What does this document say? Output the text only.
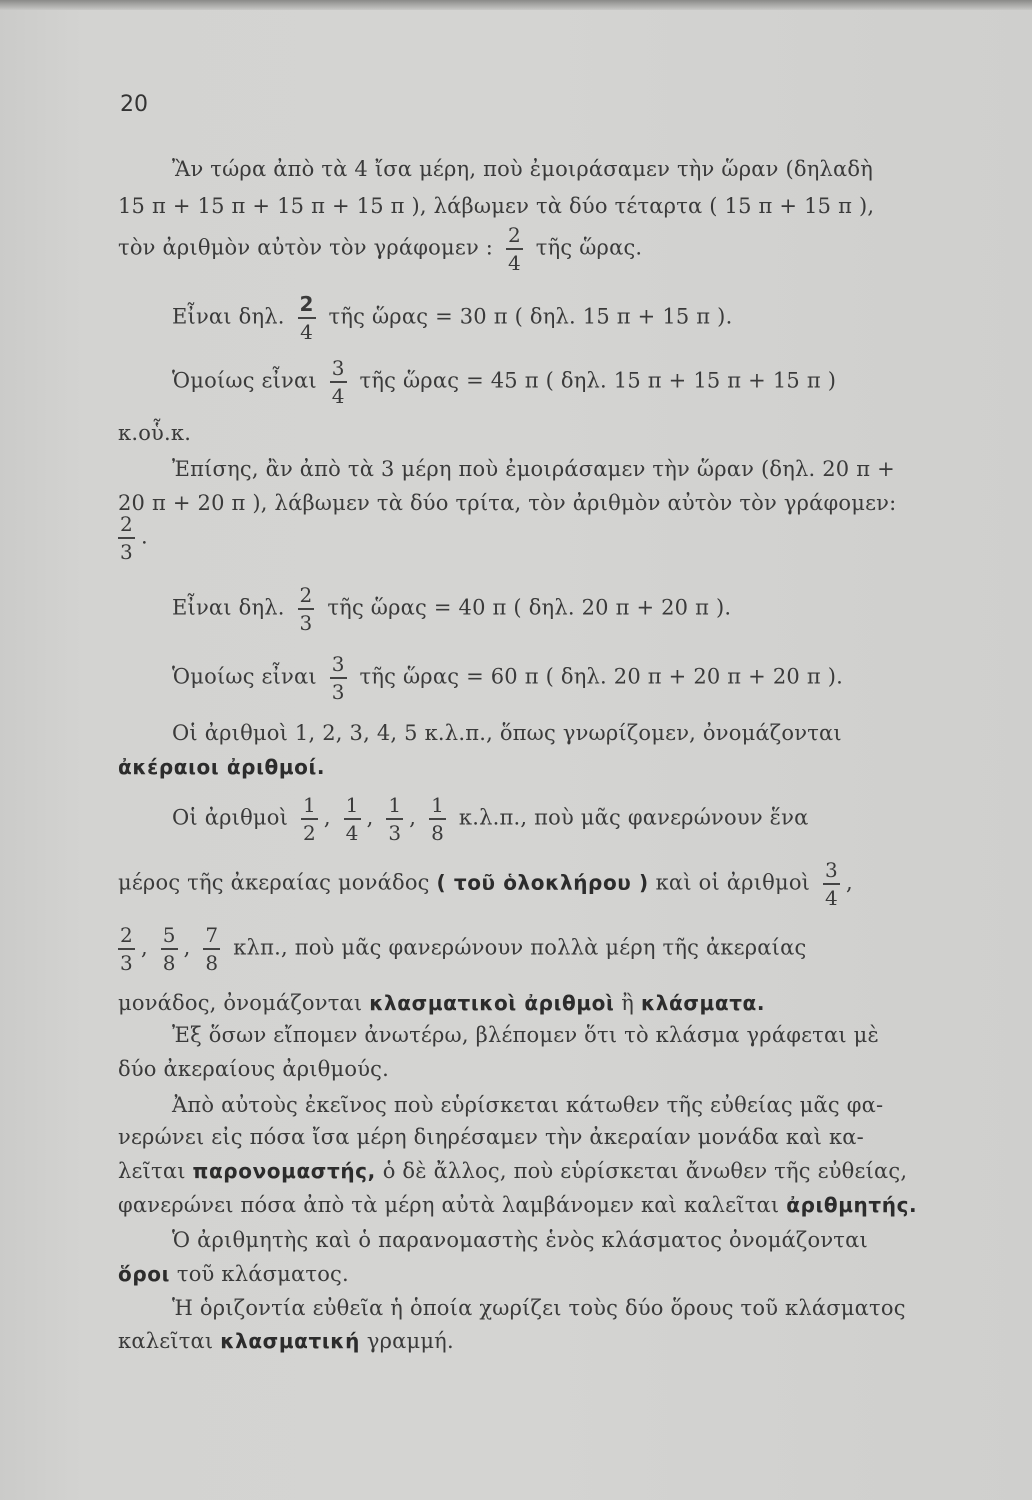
20
Ἂν τώρα ἀπὸ τὰ 4 ἴσα μέρη, ποὺ ἐμοιράσαμεν τὴν ὥραν (δηλαδὴ
15 π + 15 π + 15 π + 15 π ), λάβωμεν τὰ δύο τέταρτα ( 15 π + 15 π ),
τὸν ἀριθμὸν αὐτὸν τὸν γράφομεν : $\frac{2}{4}$ τῆς ὥρας.
Εἶναι δηλ. $\frac{2}{4}$ τῆς ὥρας = 30 π ( δηλ. 15 π + 15 π ).
Ὁμοίως εἶναι $\frac{3}{4}$ τῆς ὥρας = 45 π ( δηλ. 15 π + 15 π + 15 π )
κ.οὗ.κ.
Ἐπίσης, ἂν ἀπὸ τὰ 3 μέρη ποὺ ἐμοιράσαμεν τὴν ὥραν (δηλ. 20 π +
20 π + 20 π ), λάβωμεν τὰ δύο τρίτα, τὸν ἀριθμὸν αὐτὸν τὸν γράφομεν:
$\frac{2}{3}$ .
Εἶναι δηλ. $\frac{2}{3}$ τῆς ὥρας = 40 π ( δηλ. 20 π + 20 π ).
Ὁμοίως εἶναι $\frac{3}{3}$ τῆς ὥρας = 60 π ( δηλ. 20 π + 20 π + 20 π ).
Οἱ ἀριθμοὶ 1, 2, 3, 4, 5 κ.λ.π., ὅπως γνωρίζομεν, ὀνομάζονται
ἀκέραιοι ἀριθμοί.
Οἱ ἀριθμοὶ $\frac{1}{2}$ , $\frac{1}{4}$ , $\frac{1}{3}$ , $\frac{1}{8} \kappa.\lambda.\pi$., ποὺ μᾶς φανερώνουν ἕνα
μέρος τῆς ἀκεραίας μονάδος ( τοῦ ὁλοκλήρου ) καὶ οἱ ἀριθμοὶ $\frac{3}{4}$ ,
$\frac{2}{3}$ , $\frac{5}{8}$ , $\frac{7}{8} \kappa\lambda\pi$., ποὺ μᾶς φανερώνουν πολλὰ μέρη τῆς ἀκεραίας
μονάδος, ὀνομάζονται κλασματικοὶ ἀριθμοὶ ἢ κλάσματα.
Ἐξ ὅσων εἴπομεν ἀνωτέρω, βλέπομεν ὅτι τὸ κλάσμα γράφεται μὲ
δύο ἀκεραίους ἀριθμούς.
Ἀπὸ αὐτοὺς ἐκεῖνος ποὺ εὑρίσκεται κάτωθεν τῆς εὐθείας μᾶς φα-
νερώνει εἰς πόσα ἴσα μέρη διηρέσαμεν τὴν ἀκεραίαν μονάδα καὶ κα-
λεῖται παρονομαστής, ὁ δὲ ἄλλος, ποὺ εὑρίσκεται ἄνωθεν τῆς εὐθείας,
φανερώνει πόσα ἀπὸ τὰ μέρη αὐτὰ λαμβάνομεν καὶ καλεῖται ἀριθμητής.
Ὁ ἀριθμητὴς καὶ ὁ παρανομαστὴς ἑνὸς κλάσματος ὀνομάζονται
ὅροι τοῦ κλάσματος.
Ἡ ὁριζοντία εὐθεῖα ἡ ὁποία χωρίζει τοὺς δύο ὅρους τοῦ κλάσματος
καλεῖται κλασματική γραμμή.
